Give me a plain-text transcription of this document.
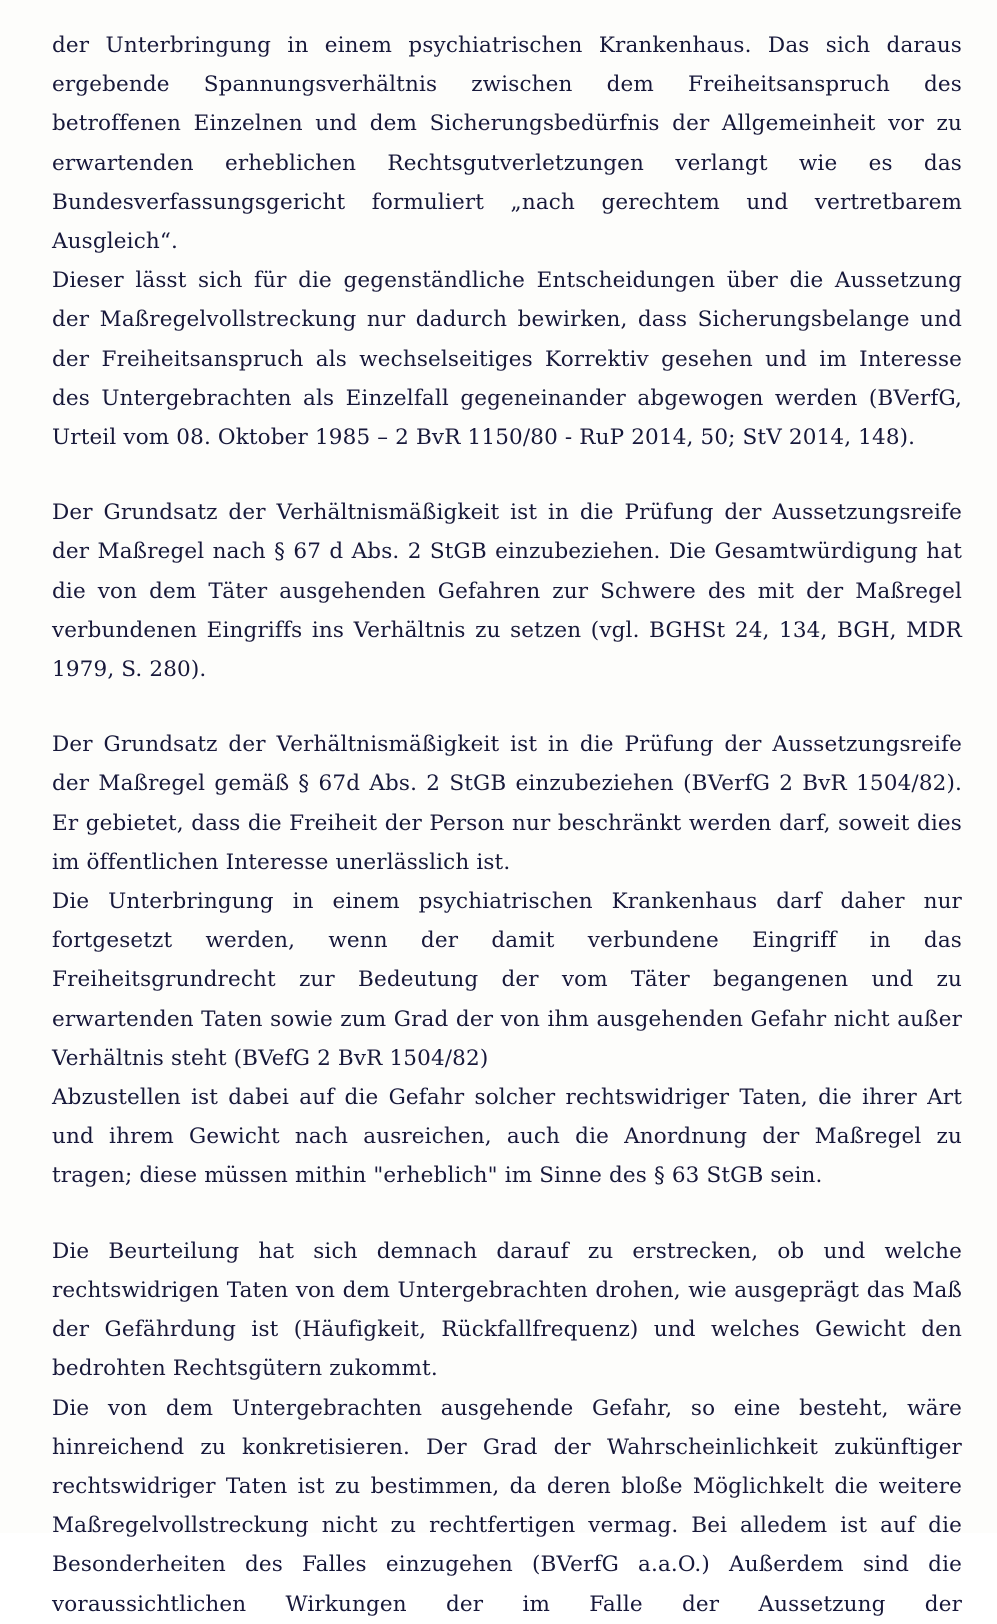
der Unterbringung in einem psychiatrischen Krankenhaus. Das sich daraus ergebende Spannungsverhältnis zwischen dem Freiheitsanspruch des betroffenen Einzelnen und dem Sicherungsbedürfnis der Allgemeinheit vor zu erwartenden erheblichen Rechtsgutverletzungen verlangt wie es das Bundesverfassungsgericht formuliert „nach gerechtem und vertretbarem Ausgleich“.

Dieser lässt sich für die gegenständliche Entscheidungen über die Aussetzung der Maßregelvollstreckung nur dadurch bewirken, dass Sicherungsbelange und der Freiheitsanspruch als wechselseitiges Korrektiv gesehen und im Interesse des Untergebrachten als Einzelfall gegeneinander abgewogen werden (BVerfG, Urteil vom 08. Oktober 1985 – 2 BvR 1150/80 - RuP 2014, 50; StV 2014, 148).

Der Grundsatz der Verhältnismäßigkeit ist in die Prüfung der Aussetzungsreife der Maßregel nach § 67 d Abs. 2 StGB einzubeziehen. Die Gesamtwürdigung hat die von dem Täter ausgehenden Gefahren zur Schwere des mit der Maßregel verbundenen Eingriffs ins Verhältnis zu setzen (vgl. BGHSt 24, 134, BGH, MDR 1979, S. 280).

Der Grundsatz der Verhältnismäßigkeit ist in die Prüfung der Aussetzungsreife der Maßregel gemäß § 67d Abs. 2 StGB einzubeziehen (BVerfG 2 BvR 1504/82). Er gebietet, dass die Freiheit der Person nur beschränkt werden darf, soweit dies im öffentlichen Interesse unerlässlich ist.

Die Unterbringung in einem psychiatrischen Krankenhaus darf daher nur fortgesetzt werden, wenn der damit verbundene Eingriff in das Freiheitsgrundrecht zur Bedeutung der vom Täter begangenen und zu erwartenden Taten sowie zum Grad der von ihm ausgehenden Gefahr nicht außer Verhältnis steht (BVefG 2 BvR 1504/82)

Abzustellen ist dabei auf die Gefahr solcher rechtswidriger Taten, die ihrer Art und ihrem Gewicht nach ausreichen, auch die Anordnung der Maßregel zu tragen; diese müssen mithin "erheblich" im Sinne des § 63 StGB sein.

Die Beurteilung hat sich demnach darauf zu erstrecken, ob und welche rechtswidrigen Taten von dem Untergebrachten drohen, wie ausgeprägt das Maß der Gefährdung ist (Häufigkeit, Rückfallfrequenz) und welches Gewicht den bedrohten Rechtsgütern zukommt.

Die von dem Untergebrachten ausgehende Gefahr, so eine besteht, wäre hinreichend zu konkretisieren. Der Grad der Wahrscheinlichkeit zukünftiger rechtswidriger Taten ist zu bestimmen, da deren bloße Möglichkelt die weitere Maßregelvollstreckung nicht zu rechtfertigen vermag. Bei alledem ist auf die Besonderheiten des Falles einzugehen (BVerfG a.a.O.) Außerdem sind die voraussichtlichen Wirkungen der im Falle der Aussetzung der
